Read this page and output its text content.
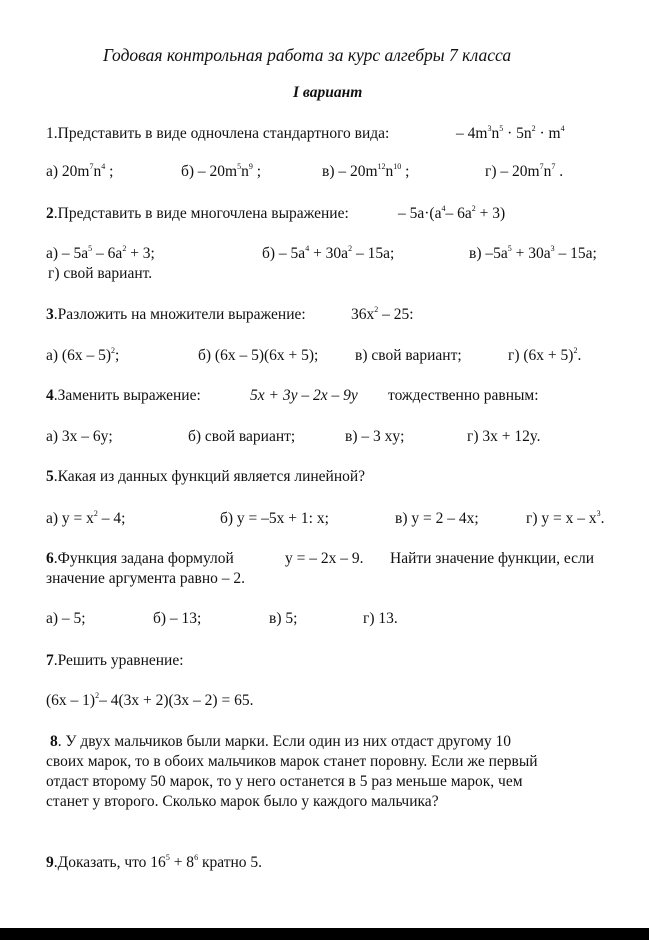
Годовая контрольная работа за курс алгебры 7 класса
I вариант
1.Представить в виде одночлена стандартного вида:	– $4m^3n^5 \cdot 5n^2 \cdot m^4$
а) $20m^7n^4$ ;	$б) - 20m^5n^9$ ;	$в) - 20m^{12}n^{10}$ ;	$г) - 20m^7n^7$ .
2.Представить в виде многочлена выражение:	– $5a\cdot(a^4-$ $6a^2 + 3$)
$а) - 5a^5 - 6a^2 + 3$;	$б) - 5a^4 + 30a^2 - 15a$;	в) $-5a^5 + 30a^3 - 15a$;
г) свой вариант.
3.Разложить на множители выражение:	$36x^2 - 25$:
а) (6x – 5)$^2$;	б) (6x – 5)(6x + 5); в) свой вариант;	г) $(6x + 5)^2$.
4.Заменить выражение:	5x + 3y – 2x – 9y тождественно равным:
а) 3x – 6y;	б) свой вариант;	в) – 3 xy;	г) 3x + 12y.
5.Какая из данных функций является линейной?
а) $y = x^2 - 4$;	б) y = –5x + 1: x;	в) y = 2 – 4x;	г) $y = x - x^3$.
6.Функция задана формулой	y = – 2x – 9. Найти значение функции, если
значение аргумента равно – 2.
а) – 5;	б) – 13;	в) 5;	г) 13.
7.Решить уравнение:
(6x – 1)$^2$– 4(3x + 2)(3x – 2) = 65.
8. У двух мальчиков были марки. Если один из них отдаст другому 10
своих марок, то в обоих мальчиков марок станет поровну. Если же первый
отдаст второму 50 марок, то у него останется в 5 раз меньше марок, чем
станет у второго. Сколько марок было у каждого мальчика?
9.Доказать, что $16^5 + 8^6$ кратно 5.
